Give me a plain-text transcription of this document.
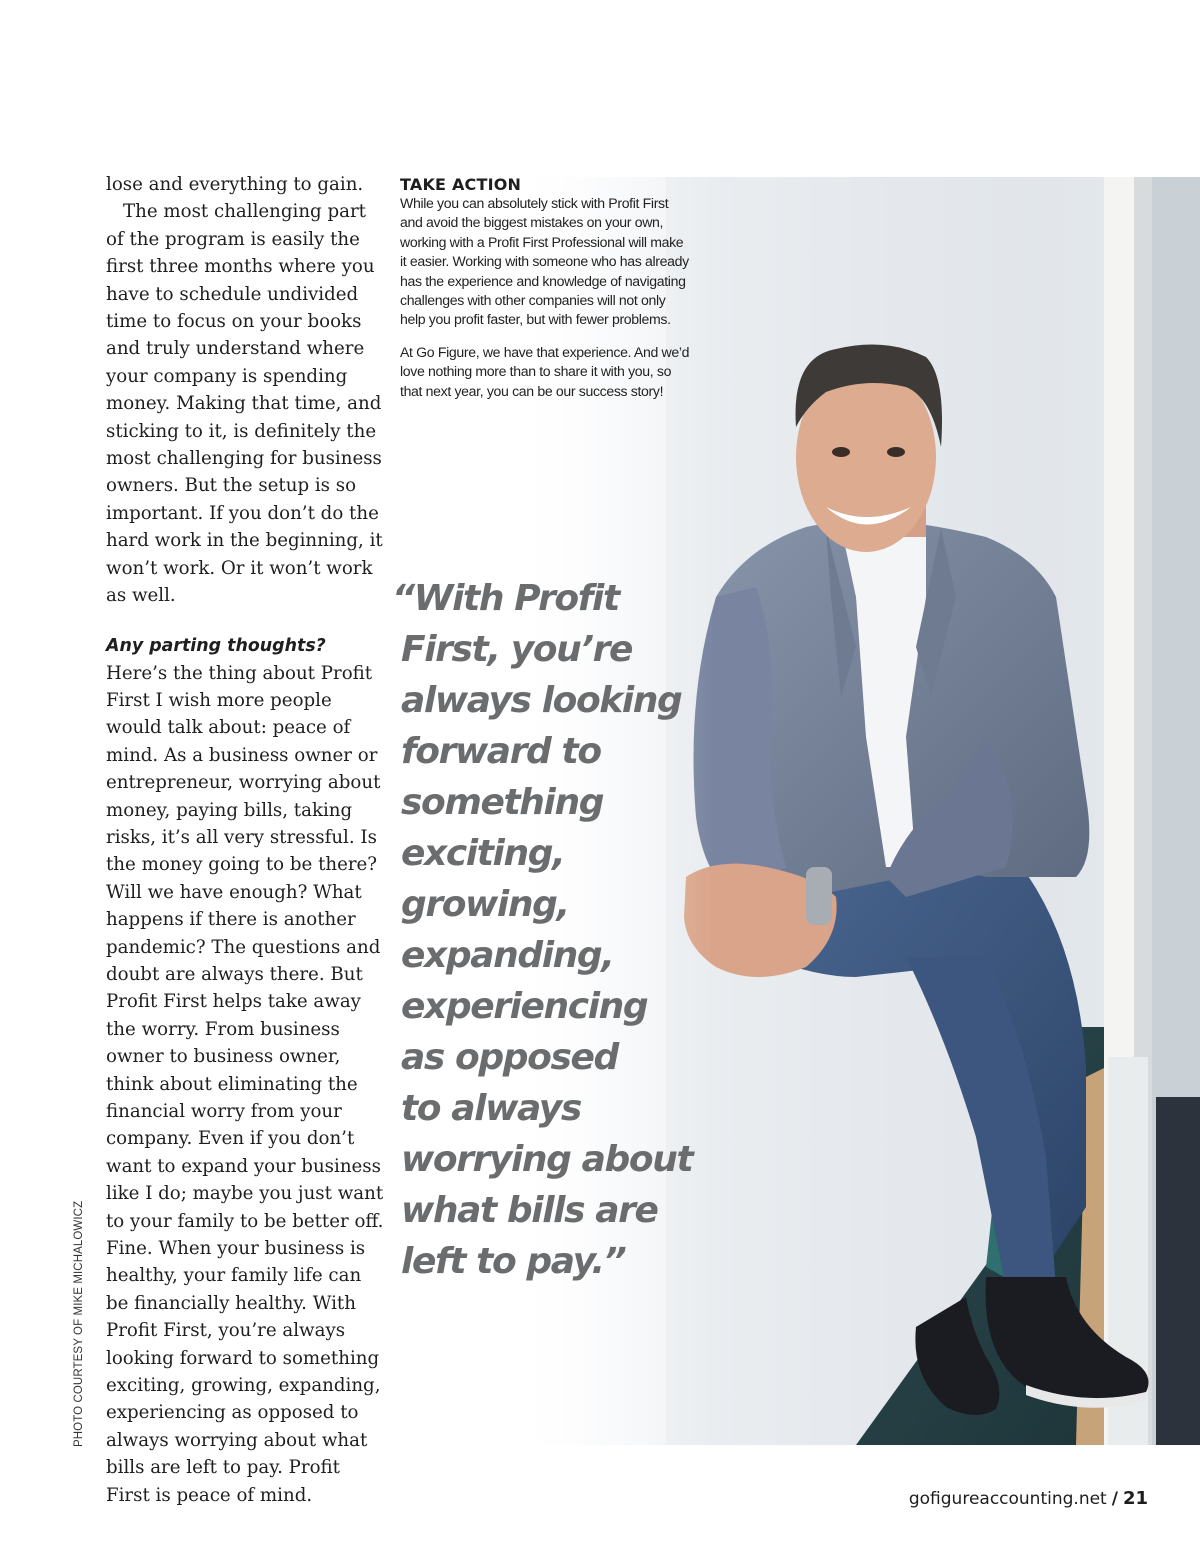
lose and everything to gain.

The most challenging part of the program is easily the first three months where you have to schedule undivided time to focus on your books and truly understand where your company is spending money. Making that time, and sticking to it, is definitely the most challenging for business owners. But the setup is so important. If you don’t do the hard work in the beginning, it won’t work. Or it won’t work as well.

Any parting thoughts?

Here’s the thing about Profit First I wish more people would talk about: peace of mind. As a business owner or entrepreneur, worrying about money, paying bills, taking risks, it’s all very stressful. Is the money going to be there? Will we have enough? What happens if there is another pandemic? The questions and doubt are always there. But Profit First helps take away the worry. From business owner to business owner, think about eliminating the financial worry from your company. Even if you don’t want to expand your business like I do; maybe you just want to your family to be better off. Fine. When your business is healthy, your family life can be financially healthy. With Profit First, you’re always looking forward to something exciting, growing, expanding, experiencing as opposed to always worrying about what bills are left to pay. Profit First is peace of mind.

TAKE ACTION

While you can absolutely stick with Profit First and avoid the biggest mistakes on your own, working with a Profit First Professional will make it easier. Working with someone who has already has the experience and knowledge of navigating challenges with other companies will not only help you profit faster, but with fewer problems.

At Go Figure, we have that experience. And we’d love nothing more than to share it with you, so that next year, you can be our success story!

“With Profit
First, you’re
always looking
forward to
something
exciting,
growing,
expanding,
experiencing
as opposed
to always
worrying about
what bills are
left to pay.”
PHOTO COURTESY OF MIKE MICHALOWICZ
gofigureaccounting.net / 21
